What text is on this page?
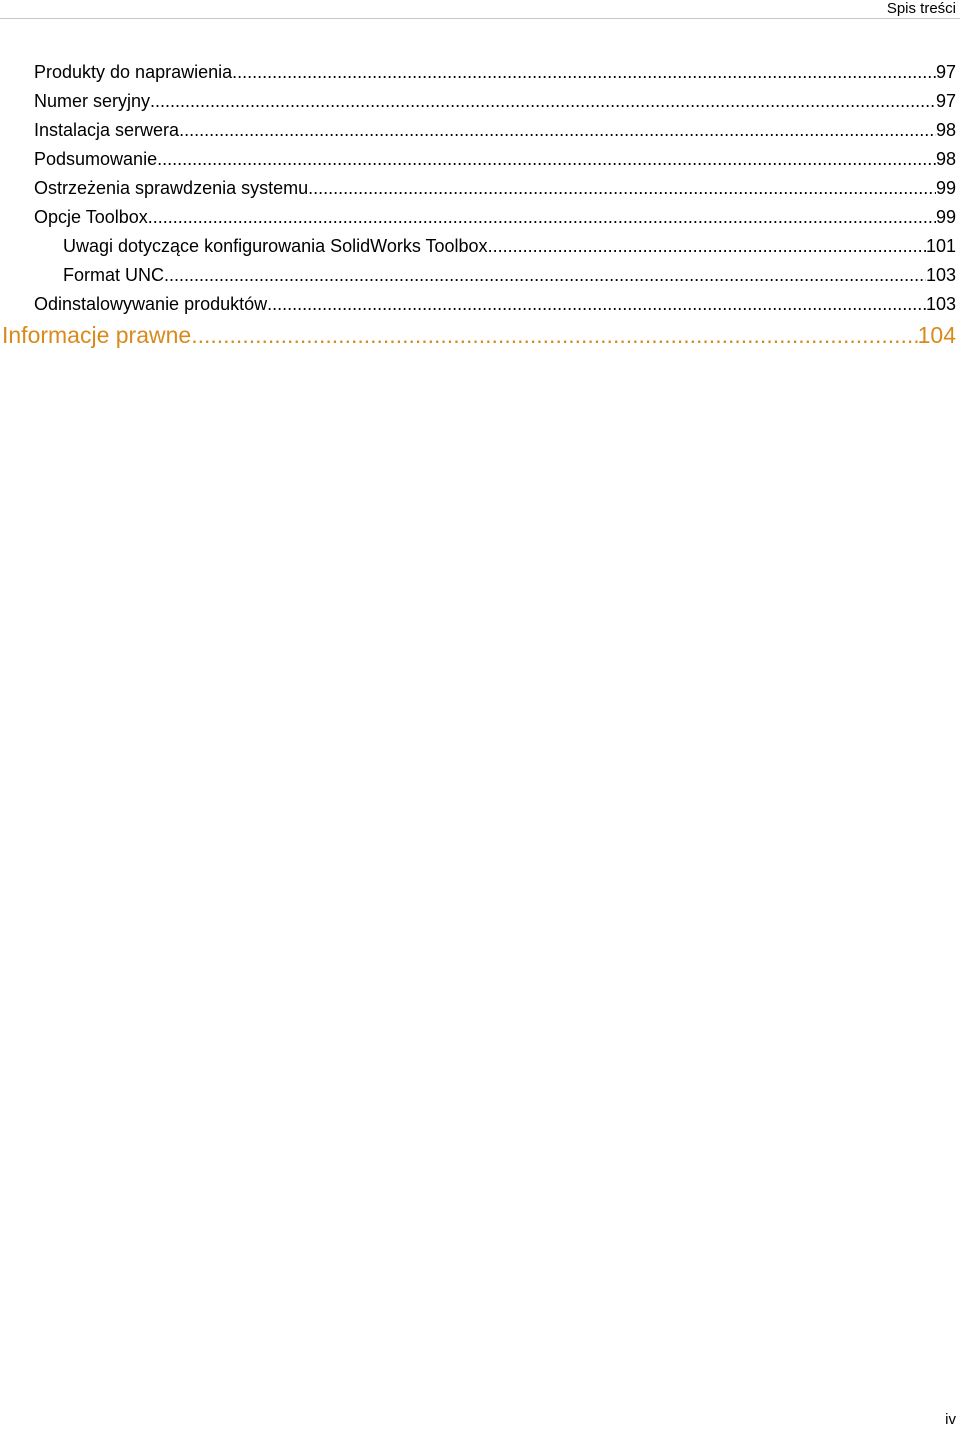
Spis treści
Produkty do naprawienia .....	97
Numer seryjny .....	97
Instalacja serwera .....	98
Podsumowanie .....	98
Ostrzeżenia sprawdzenia systemu .....	99
Opcje Toolbox .....	99
Uwagi dotyczące konfigurowania SolidWorks Toolbox .....	101
Format UNC .....	103
Odinstalowywanie produktów .....	103
Informacje prawne .....	104
iv
